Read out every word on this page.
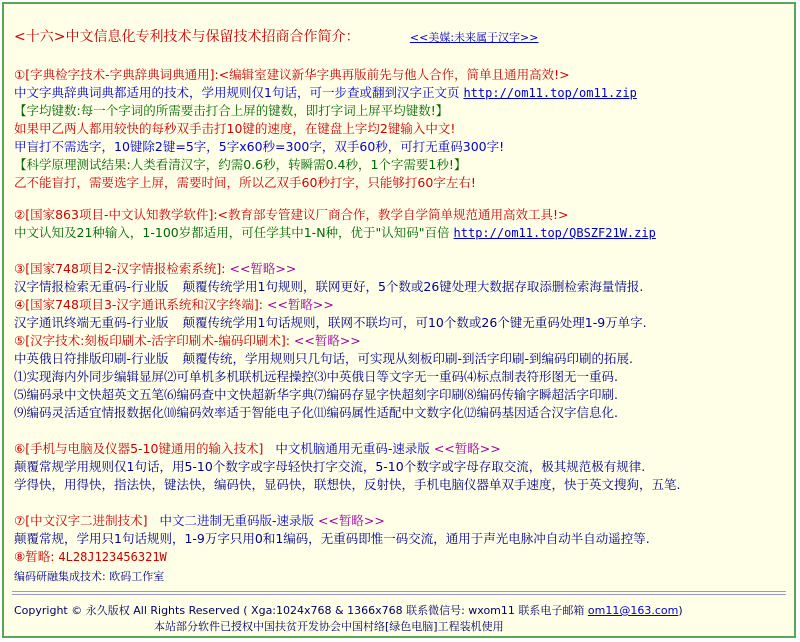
<十六>中文信息化专利技术与保留技术招商合作简介：	<<美媒:未来属于汉字>>
①[字典检字技术-字典辞典词典通用]:<编辑室建议新华字典再版前先与他人合作，简单且通用高效!>
中文字典辞典词典都适用的技术，学用规则仅1句话，可一步查或翻到汉字正文页 http://om11.top/om11.zip
【字均键数:每一个字词的所需要击打合上屏的键数，即打字词上屏平均键数!】
如果甲乙两人都用较快的每秒双手击打10键的速度，在键盘上字均2键输入中文!
甲盲打不需选字，10键除2键=5字，5字x60秒=300字，双手60秒，可打无重码300字!
【科学原理测试结果:人类看清汉字，约需0.6秒，转瞬需0.4秒，1个字需要1秒!】
乙不能盲打，需要选字上屏，需要时间，所以乙双手60秒打字，只能够打60字左右!
②[国家863项目-中文认知教学软件]:<教育部专管建议厂商合作，教学自学简单规范通用高效工具!>
中文认知及21种输入，1-100岁都适用，可任学其中1-N种，优于"认知码"百倍 http://om11.top/QBSZF21W.zip
③[国家748项目2-汉字情报检索系统]: <<暂略>>
汉字情报检索无重码-行业版 颠覆传统学用1句规则，联网更好，5个数或26键处理大数据存取添删检索海量情报.
④[国家748项目3-汉字通讯系统和汉字终端]: <<暂略>>
汉字通讯终端无重码-行业版 颠覆传统学用1句话规则，联网不联均可，可10个数或26个键无重码处理1-9万单字.
⑤[汉字技术:刻板印刷术-活字印刷术-编码印刷术]: <<暂略>>
中英俄日符排版印刷-行业版 颠覆传统，学用规则只几句话，可实现从刻板印刷-到活字印刷-到编码印刷的拓展.
⑴实现海内外同步编辑显屏⑵可单机多机联机远程操控⑶中英俄日等文字无一重码⑷标点制表符形图无一重码.
⑸编码录中文快超英文五笔⑹编码查中文快超新华字典⑺编码存显字快超刻字印刷⑻编码传输字瞬超活字印刷.
⑼编码灵活适宜情报数据化⑽编码效率适于智能电子化⑾编码属性适配中文数字化⑿编码基因适合汉字信息化.
⑥[手机与电脑及仪器5-10键通用的输入技术] 中文机脑通用无重码-速录版 <<暂略>>
颠覆常规学用规则仅1句话，用5-10个数字或字母轻快打字交流，5-10个数字或字母存取交流，极其规范极有规律.
学得快，用得快，指法快，键法快，编码快，显码快，联想快，反射快，手机电脑仪器单双手速度，快于英文搜狗，五笔.
⑦[中文汉字二进制技术] 中文二进制无重码版-速录版 <<暂略>>
颠覆常规，学用只1句话规则，1-9万字只用0和1编码，无重码即惟一码交流，通用于声光电脉冲自动半自动遥控等.
⑧暂略: 4L28J123456321W
编码研融集成技术: 欧码工作室
Copyright © 永久版权 All Rights Reserved ( Xga:1024x768 & 1366x768 联系微信号: wxom11 联系电子邮箱 om11@163.com)
本站部分软件已授权中国扶贫开发协会中国村络[绿色电脑]工程装机使用
